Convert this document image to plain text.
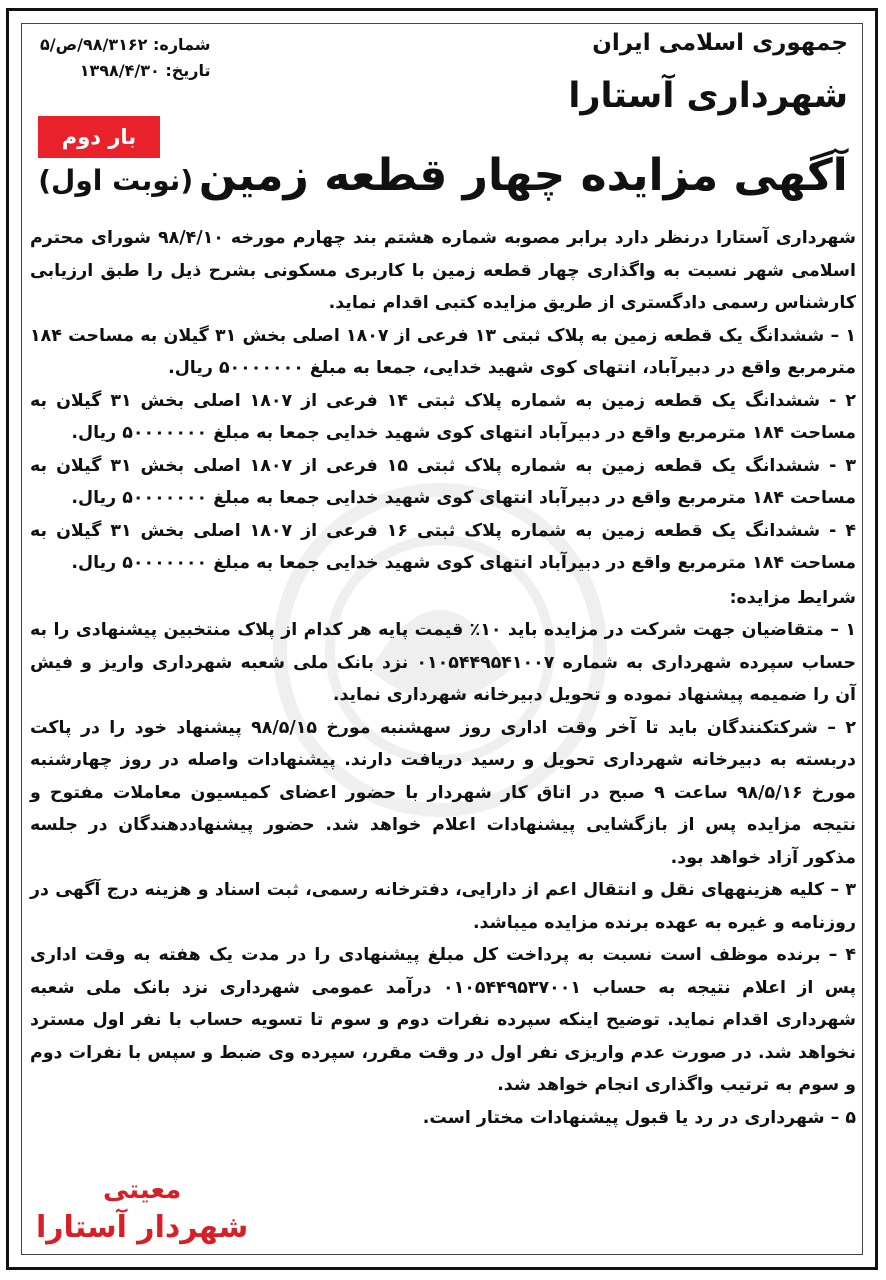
جمهوری اسلامی ایران
شهرداری آستارا
شماره: ۹۸/۳۱۶۲/ص/۵
تاریخ: ۱۳۹۸/۴/۳۰
بار دوم
آگهی مزایده چهار قطعه زمین (نوبت اول)

شهرداری آستارا درنظر دارد برابر مصوبه شماره هشتم بند چهارم مورخه ۹۸/۴/۱۰ شورای محترم اسلامی شهر نسبت به واگذاری چهار قطعه زمین با کاربری مسکونی بشرح ذیل را طبق ارزیابی کارشناس رسمی دادگستری از طریق مزایده کتبی اقدام نماید.

۱ – ششدانگ یک قطعه زمین به پلاک ثبتی ۱۳ فرعی از ۱۸۰۷ اصلی بخش ۳۱ گیلان به مساحت ۱۸۴ مترمربع واقع در دبیرآباد، انتهای کوی شهید خدایی، جمعا به مبلغ ۵۰۰۰۰۰۰۰ ریال.

۲ - ششدانگ یک قطعه زمین به شماره پلاک ثبتی ۱۴ فرعی از ۱۸۰۷ اصلی بخش ۳۱ گیلان به مساحت ۱۸۴ مترمربع واقع در دبیرآباد انتهای کوی شهید خدایی جمعا به مبلغ ۵۰۰۰۰۰۰۰ ریال.

۳ - ششدانگ یک قطعه زمین به شماره پلاک ثبتی ۱۵ فرعی از ۱۸۰۷ اصلی بخش ۳۱ گیلان به مساحت ۱۸۴ مترمربع واقع در دبیرآباد انتهای کوی شهید خدایی جمعا به مبلغ ۵۰۰۰۰۰۰۰ ریال.

۴ - ششدانگ یک قطعه زمین به شماره پلاک ثبتی ۱۶ فرعی از ۱۸۰۷ اصلی بخش ۳۱ گیلان به مساحت ۱۸۴ مترمربع واقع در دبیرآباد انتهای کوی شهید خدایی جمعا به مبلغ ۵۰۰۰۰۰۰۰ ریال.

شرایط مزایده:

۱ – متقاضیان جهت شرکت در مزایده باید ۱۰٪ قیمت پایه هر کدام از پلاک منتخبین پیشنهادی را به حساب سپرده شهرداری به شماره ۰۱۰۵۴۴۹۵۴۱۰۰۷ نزد بانک ملی شعبه شهرداری واریز و فیش آن را ضمیمه پیشنهاد نموده و تحویل دبیرخانه شهرداری نماید.

۲ – شرکتکنندگان باید تا آخر وقت اداری روز سهشنبه مورخ ۹۸/۵/۱۵ پیشنهاد خود را در پاکت دربسته به دبیرخانه شهرداری تحویل و رسید دریافت دارند. پیشنهادات واصله در روز چهارشنبه مورخ ۹۸/۵/۱۶ ساعت ۹ صبح در اتاق کار شهردار با حضور اعضای کمیسیون معاملات مفتوح و نتیجه مزایده پس از بازگشایی پیشنهادات اعلام خواهد شد. حضور پیشنهاددهندگان در جلسه مذکور آزاد خواهد بود.

۳ – کلیه هزینههای نقل و انتقال اعم از دارایی، دفترخانه رسمی، ثبت اسناد و هزینه درج آگهی در روزنامه و غیره به عهده برنده مزایده میباشد.

۴ – برنده موظف است نسبت به پرداخت کل مبلغ پیشنهادی را در مدت یک هفته به وقت اداری پس از اعلام نتیجه به حساب ۰۱۰۵۴۴۹۵۳۷۰۰۱ درآمد عمومی شهرداری نزد بانک ملی شعبه شهرداری اقدام نماید. توضیح اینکه سپرده نفرات دوم و سوم تا تسویه حساب با نفر اول مسترد نخواهد شد. در صورت عدم واریزی نفر اول در وقت مقرر، سپرده وی ضبط و سپس با نفرات دوم و سوم به ترتیب واگذاری انجام خواهد شد.

۵ – شهرداری در رد یا قبول پیشنهادات مختار است.

معیتی
شهردار آستارا
